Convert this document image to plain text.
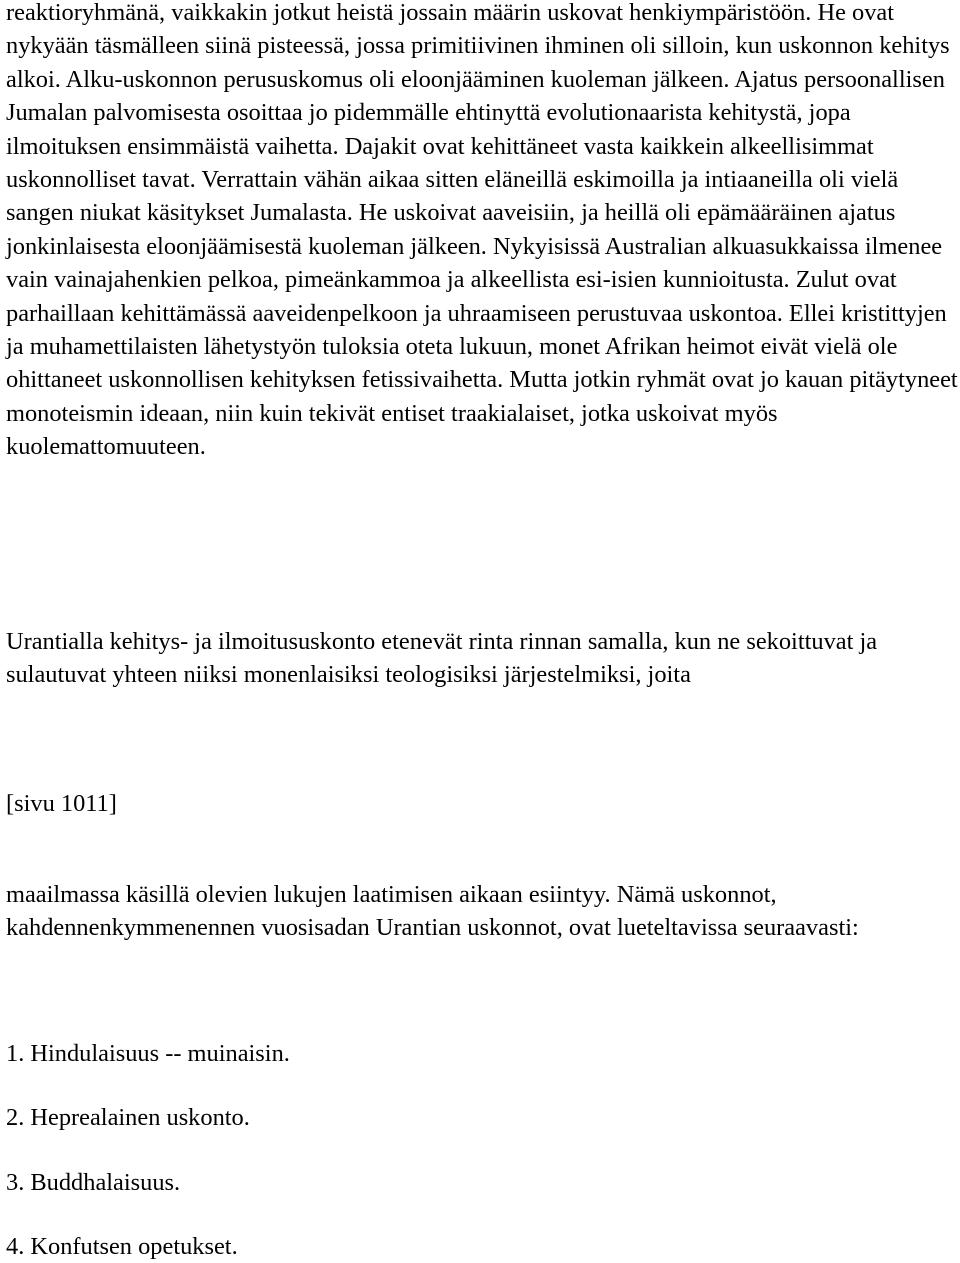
reaktioryhmänä, vaikkakin jotkut heistä jossain määrin uskovat henkiympäristöön. He ovat nykyään täsmälleen siinä pisteessä, jossa primitiivinen ihminen oli silloin, kun uskonnon kehitys alkoi. Alku-uskonnon perususkomus oli eloonjääminen kuoleman jälkeen. Ajatus persoonallisen Jumalan palvomisesta osoittaa jo pidemmälle ehtinyttä evolutionaarista kehitystä, jopa ilmoituksen ensimmäistä vaihetta. Dajakit ovat kehittäneet vasta kaikkein alkeellisimmat uskonnolliset tavat. Verrattain vähän aikaa sitten eläneillä eskimoilla ja intiaaneilla oli vielä sangen niukat käsitykset Jumalasta. He uskoivat aaveisiin, ja heillä oli epämääräinen ajatus jonkinlaisesta eloonjäämisestä kuoleman jälkeen. Nykyisissä Australian alkuasukkaissa ilmenee vain vainajahenkien pelkoa, pimeänkammoa ja alkeellista esi-isien kunnioitusta. Zulut ovat parhaillaan kehittämässä aaveidenpelkoon ja uhraamiseen perustuvaa uskontoa. Ellei kristittyjen ja muhamettilaisten lähetystyön tuloksia oteta lukuun, monet Afrikan heimot eivät vielä ole ohittaneet uskonnollisen kehityksen fetissivaihetta. Mutta jotkin ryhmät ovat jo kauan pitäytyneet monoteismin ideaan, niin kuin tekivät entiset traakialaiset, jotka uskoivat myös kuolemattomuuteen.

Urantialla kehitys- ja ilmoitususkonto etenevät rinta rinnan samalla, kun ne sekoittuvat ja sulautuvat yhteen niiksi monenlaisiksi teologisiksi järjestelmiksi, joita

[sivu 1011]

maailmassa käsillä olevien lukujen laatimisen aikaan esiintyy. Nämä uskonnot, kahdennenkymmenennen vuosisadan Urantian uskonnot, ovat lueteltavissa seuraavasti:

1. Hindulaisuus -- muinaisin.

2. Heprealainen uskonto.

3. Buddhalaisuus.

4. Konfutsen opetukset.
